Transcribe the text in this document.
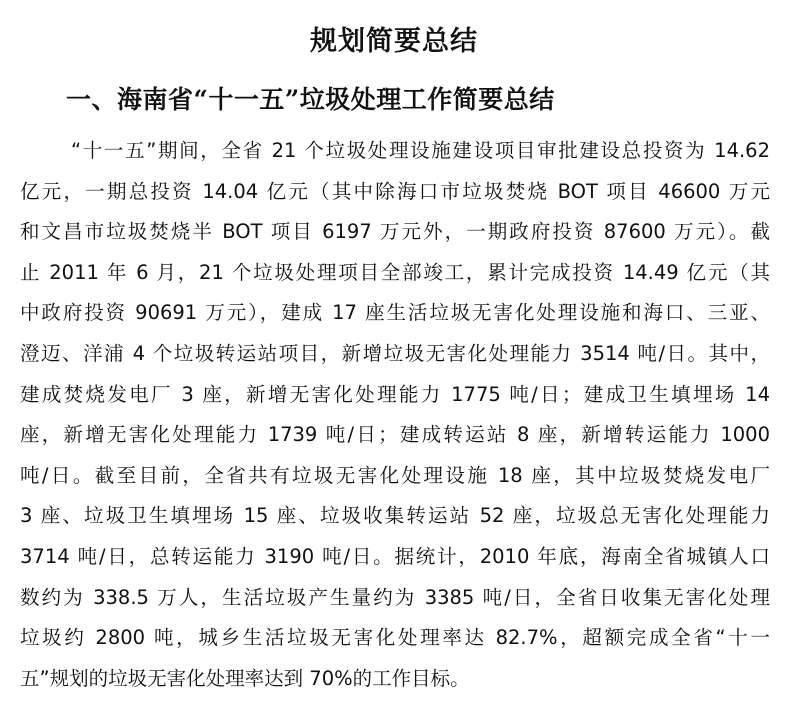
规划简要总结
一、海南省“十一五”垃圾处理工作简要总结
“十一五”期间，全省 21 个垃圾处理设施建设项目审批建设总投资为 14.62
亿元，一期总投资 14.04 亿元（其中除海口市垃圾焚烧 BOT 项目 46600 万元
和文昌市垃圾焚烧半 BOT 项目 6197 万元外，一期政府投资 87600 万元）。截
止 2011 年 6 月，21 个垃圾处理项目全部竣工，累计完成投资 14.49 亿元（其
中政府投资 90691 万元），建成 17 座生活垃圾无害化处理设施和海口、三亚、
澄迈、洋浦 4 个垃圾转运站项目，新增垃圾无害化处理能力 3514 吨/日。其中，
建成焚烧发电厂 3 座，新增无害化处理能力 1775 吨/日；建成卫生填埋场 14
座，新增无害化处理能力 1739 吨/日；建成转运站 8 座，新增转运能力 1000
吨/日。截至目前，全省共有垃圾无害化处理设施 18 座，其中垃圾焚烧发电厂
3 座、垃圾卫生填埋场 15 座、垃圾收集转运站 52 座，垃圾总无害化处理能力
3714 吨/日，总转运能力 3190 吨/日。据统计，2010 年底，海南全省城镇人口
数约为 338.5 万人，生活垃圾产生量约为 3385 吨/日，全省日收集无害化处理
垃圾约 2800 吨，城乡生活垃圾无害化处理率达 82.7%，超额完成全省“十一
五”规划的垃圾无害化处理率达到 70%的工作目标。
